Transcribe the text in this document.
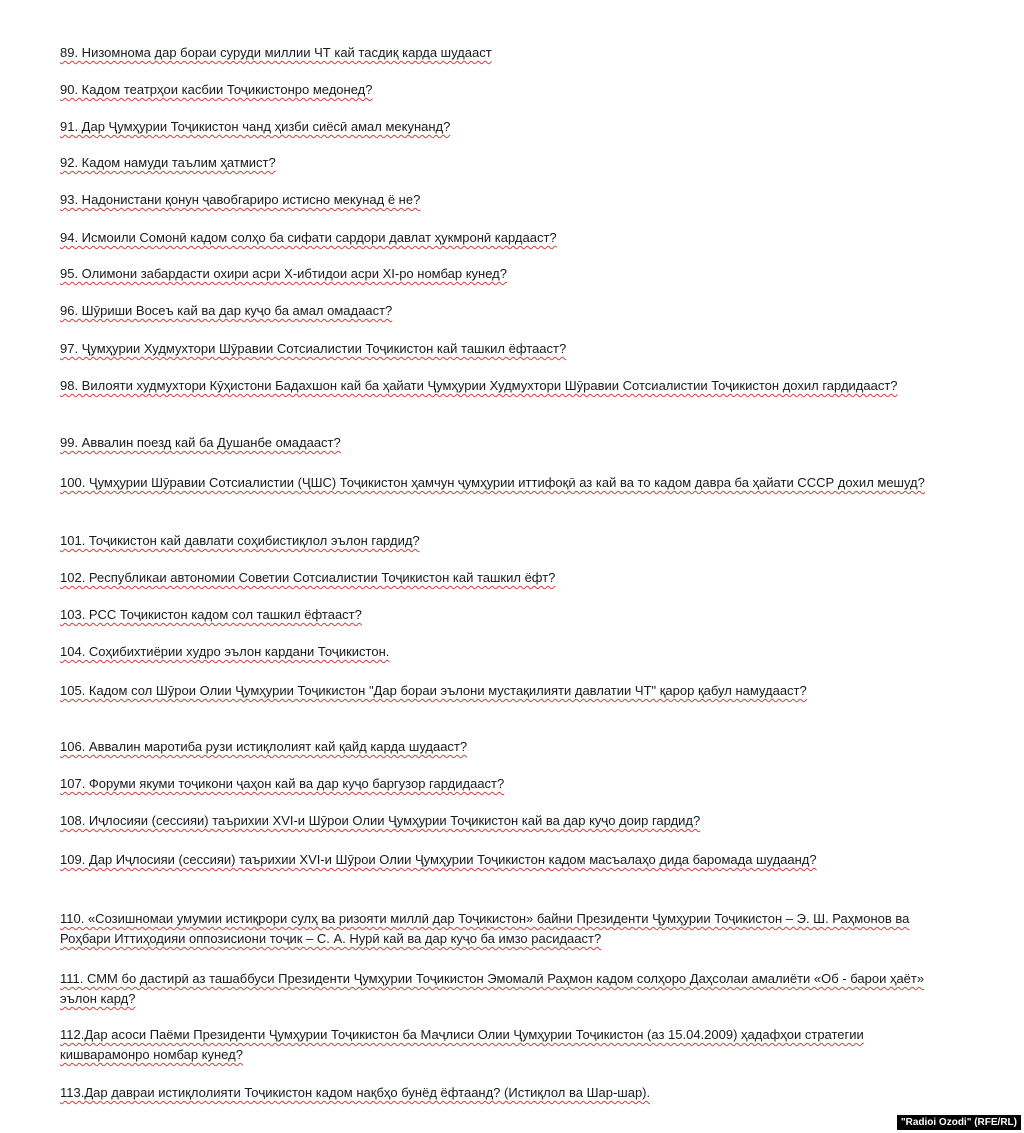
89. Низомнома дар бораи суруди миллии ЧТ кай тасдиқ карда шудааст

90. Кадом театрҳои касбии Тоҷикистонро медонед?

91. Дар Ҷумҳурии Тоҷикистон чанд ҳизби сиёсӣ амал мекунанд?

92. Кадом намуди таълим ҳатмист?

93. Надонистани қонун ҷавобгариро истисно мекунад ё не?

94. Исмоили Сомонӣ кадом солҳо ба сифати сардори давлат ҳукмронӣ кардааст?

95. Олимони забардасти охири асри X-ибтидои асри XI-ро номбар кунед?

96. Шӯриши Восеъ кай ва дар куҷо ба амал омадааст?

97. Ҷумҳурии Худмухтори Шӯравии Сотсиалистии Тоҷикистон кай ташкил ёфтааст?

98. Вилояти худмухтори Кӯҳистони Бадахшон кай ба ҳайати Ҷумҳурии Худмухтори Шӯравии Сотсиалистии Тоҷикистон дохил гардидааст?

99. Аввалин поезд кай ба Душанбе омадааст?

100. Ҷумҳурии Шӯравии Сотсиалистии (ҶШС) Тоҷикистон ҳамчун ҷумҳурии иттифоқӣ аз кай ва то кадом давра ба ҳайати СССР дохил мешуд?

101. Тоҷикистон кай давлати соҳибистиқлол эълон гардид?

102. Республикаи автономии Советии Сотсиалистии Тоҷикистон кай ташкил ёфт?

103. РСС Тоҷикистон кадом сол ташкил ёфтааст?

104. Соҳибихтиёрии худро эълон кардани Тоҷикистон.

105. Кадом сол Шӯрои Олии Ҷумҳурии Тоҷикистон "Дар бораи эълони мустақилияти давлатии ЧТ" қарор қабул намудааст?

106. Аввалин маротиба рузи истиқлолият кай қайд карда шудааст?

107. Форуми якуми тоҷикони ҷаҳон кай ва дар куҷо баргузор гардидааст?

108. Иҷлосияи (сессияи) таърихии XVI-и Шӯрои Олии Ҷумҳурии Тоҷикистон кай ва дар куҷо доир гардид?

109. Дар Иҷлосияи (сессияи) таърихии XVI-и Шӯрои Олии Ҷумҳурии Тоҷикистон кадом масъалаҳо дида баромада шудаанд?

110. «Созишномаи умумии истиқрори сулҳ ва ризояти миллӣ дар Тоҷикистон» байни Президенти Ҷумҳурии Тоҷикистон – Э. Ш. Раҳмонов ва Роҳбари Иттиҳодияи оппозисиони тоҷик – С. А. Нурӣ кай ва дар куҷо ба имзо расидааст?

111. СММ бо дастирӣ аз ташаббуси Президенти Ҷумҳурии Тоҷикистон Эмомалӣ Раҳмон кадом солҳоро Даҳсолаи амалиёти «Об - барои ҳаёт» эълон кард?

112.Дар асоси Паёми Президенти Ҷумҳурии Тоҷикистон ба Маҷлиси Олии Ҷумҳурии Тоҷикистон (аз 15.04.2009) ҳадафҳои стратегии кишварамонро номбар кунед?

113.Дар давраи истиқлолияти Тоҷикистон кадом нақбҳо бунёд ёфтаанд? (Истиқлол ва Шар-шар).

"Radioi Ozodi" (RFE/RL)
